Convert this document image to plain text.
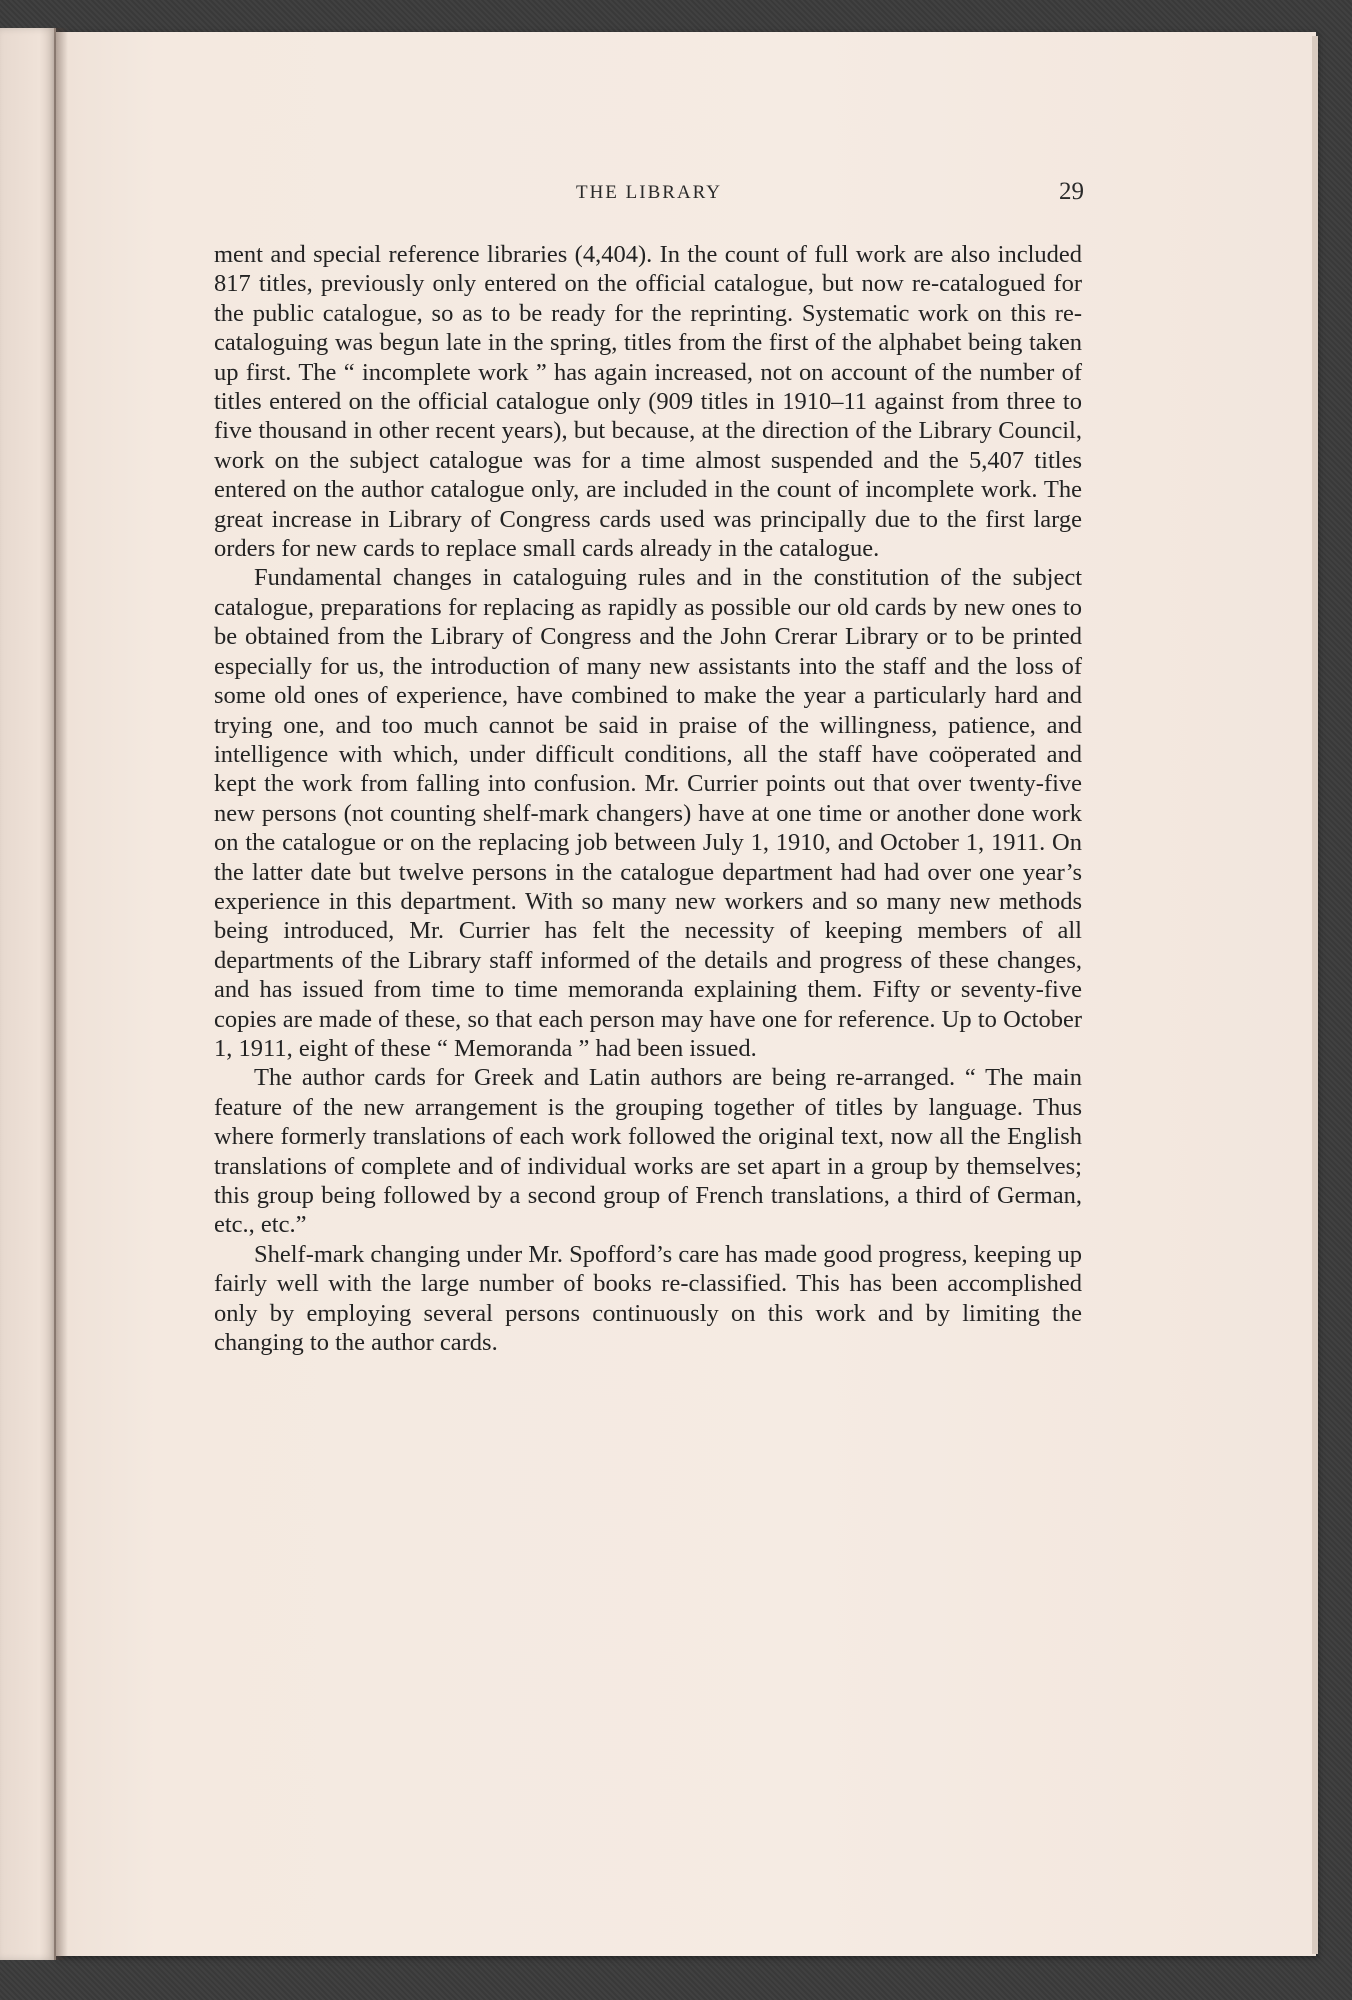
THE LIBRARY	29

ment and special reference libraries (4,404). In the count of full work are also included 817 titles, previously only entered on the official catalogue, but now re-catalogued for the public catalogue, so as to be ready for the reprinting. Systematic work on this re-cataloguing was begun late in the spring, titles from the first of the alphabet being taken up first. The “ incomplete work ” has again increased, not on account of the number of titles entered on the official catalogue only (909 titles in 1910–11 against from three to five thousand in other recent years), but because, at the direction of the Library Council, work on the subject catalogue was for a time almost suspended and the 5,407 titles entered on the author catalogue only, are included in the count of incomplete work. The great increase in Library of Congress cards used was principally due to the first large orders for new cards to replace small cards already in the catalogue.

Fundamental changes in cataloguing rules and in the constitution of the subject catalogue, preparations for replacing as rapidly as possible our old cards by new ones to be obtained from the Library of Congress and the John Crerar Library or to be printed especially for us, the introduction of many new assistants into the staff and the loss of some old ones of experience, have combined to make the year a particularly hard and trying one, and too much cannot be said in praise of the willingness, patience, and intelligence with which, under difficult conditions, all the staff have coöperated and kept the work from falling into confusion. Mr. Currier points out that over twenty-five new persons (not counting shelf-mark changers) have at one time or another done work on the catalogue or on the replacing job between July 1, 1910, and October 1, 1911. On the latter date but twelve persons in the catalogue department had had over one year’s experience in this department. With so many new workers and so many new methods being introduced, Mr. Currier has felt the necessity of keeping members of all departments of the Library staff informed of the details and progress of these changes, and has issued from time to time memoranda explaining them. Fifty or seventy-five copies are made of these, so that each person may have one for reference. Up to October 1, 1911, eight of these “ Memoranda ” had been issued.

The author cards for Greek and Latin authors are being re-arranged. “ The main feature of the new arrangement is the grouping together of titles by language. Thus where formerly translations of each work followed the original text, now all the English translations of complete and of individual works are set apart in a group by themselves; this group being followed by a second group of French translations, a third of German, etc., etc.”

Shelf-mark changing under Mr. Spofford’s care has made good progress, keeping up fairly well with the large number of books re-classified. This has been accomplished only by employing several persons continuously on this work and by limiting the changing to the author cards.
